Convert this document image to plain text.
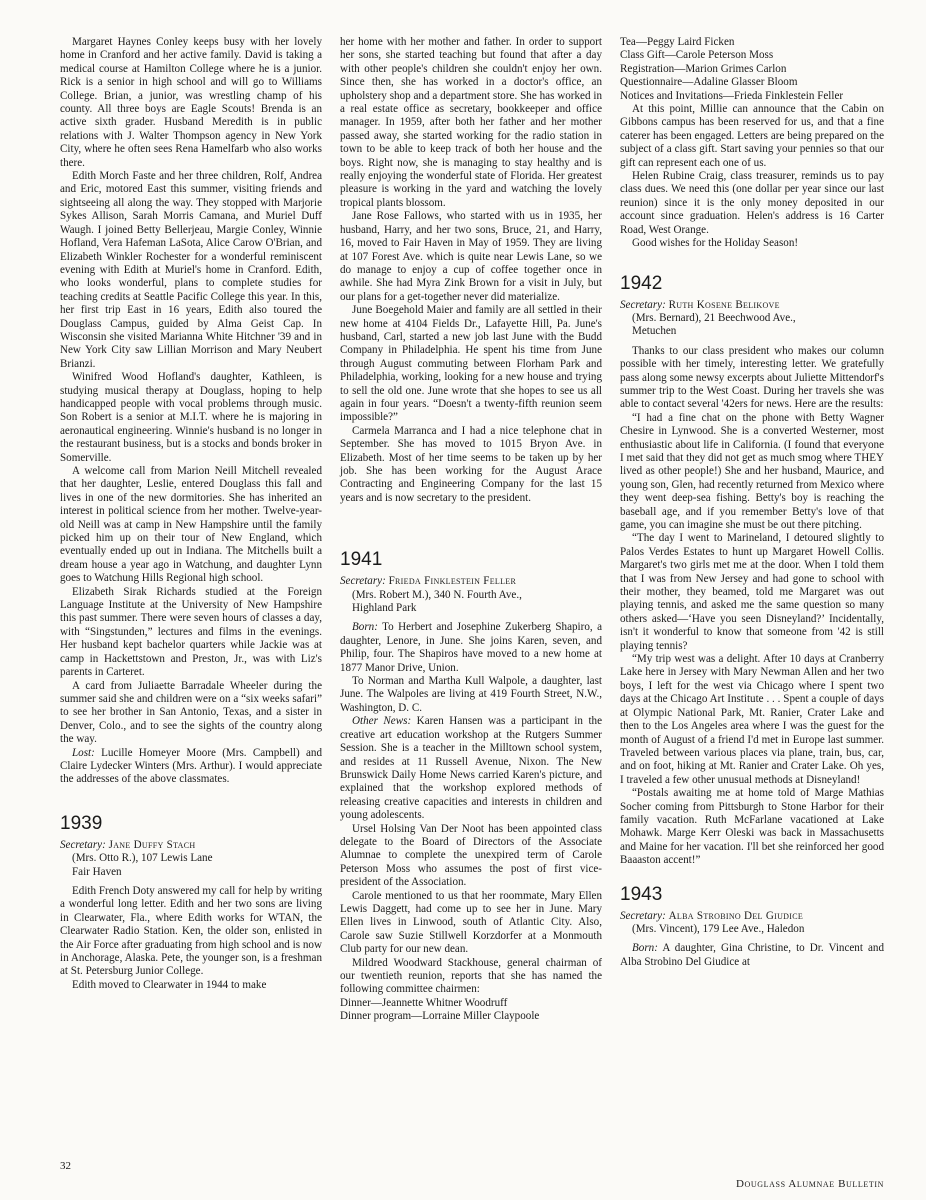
Margaret Haynes Conley keeps busy with her lovely home in Cranford and her active family. David is taking a medical course at Hamilton College where he is a junior. Rick is a senior in high school and will go to Williams College. Brian, a junior, was wrestling champ of his county. All three boys are Eagle Scouts! Brenda is an active sixth grader. Husband Meredith is in public relations with J. Walter Thompson agency in New York City, where he often sees Rena Hamelfarb who also works there.

Edith Morch Faste and her three children, Rolf, Andrea and Eric, motored East this summer, visiting friends and sightseeing all along the way. They stopped with Marjorie Sykes Allison, Sarah Morris Camana, and Muriel Duff Waugh. I joined Betty Bellerjeau, Margie Conley, Winnie Hofland, Vera Hafeman LaSota, Alice Carow O'Brian, and Elizabeth Winkler Rochester for a wonderful reminiscent evening with Edith at Muriel's home in Cranford. Edith, who looks wonderful, plans to complete studies for teaching credits at Seattle Pacific College this year. In this, her first trip East in 16 years, Edith also toured the Douglass Campus, guided by Alma Geist Cap. In Wisconsin she visited Marianna White Hitchner '39 and in New York City saw Lillian Morrison and Mary Neubert Brianzi.

Winifred Wood Hofland's daughter, Kathleen, is studying musical therapy at Douglass, hoping to help handicapped people with vocal problems through music. Son Robert is a senior at M.I.T. where he is majoring in aeronautical engineering. Winnie's husband is no longer in the restaurant business, but is a stocks and bonds broker in Somerville.

A welcome call from Marion Neill Mitchell revealed that her daughter, Leslie, entered Douglass this fall and lives in one of the new dormitories. She has inherited an interest in political science from her mother. Twelve-year-old Neill was at camp in New Hampshire until the family picked him up on their tour of New England, which eventually ended up out in Indiana. The Mitchells built a dream house a year ago in Watchung, and daughter Lynn goes to Watchung Hills Regional high school.

Elizabeth Sirak Richards studied at the Foreign Language Institute at the University of New Hampshire this past summer. There were seven hours of classes a day, with “Singstunden,” lectures and films in the evenings. Her husband kept bachelor quarters while Jackie was at camp in Hackettstown and Preston, Jr., was with Liz's parents in Carteret.

A card from Juliaette Barradale Wheeler during the summer said she and children were on a “six weeks safari” to see her brother in San Antonio, Texas, and a sister in Denver, Colo., and to see the sights of the country along the way.

Lost: Lucille Homeyer Moore (Mrs. Campbell) and Claire Lydecker Winters (Mrs. Arthur). I would appreciate the addresses of the above classmates.

1939
Secretary: Jane Duffy Stach
(Mrs. Otto R.), 107 Lewis Lane
Fair Haven

Edith French Doty answered my call for help by writing a wonderful long letter. Edith and her two sons are living in Clearwater, Fla., where Edith works for WTAN, the Clearwater Radio Station. Ken, the older son, enlisted in the Air Force after graduating from high school and is now in Anchorage, Alaska. Pete, the younger son, is a freshman at St. Petersburg Junior College.

Edith moved to Clearwater in 1944 to make

her home with her mother and father. In order to support her sons, she started teaching but found that after a day with other people's children she couldn't enjoy her own. Since then, she has worked in a doctor's office, an upholstery shop and a department store. She has worked in a real estate office as secretary, bookkeeper and office manager. In 1959, after both her father and her mother passed away, she started working for the radio station in town to be able to keep track of both her house and the boys. Right now, she is managing to stay healthy and is really enjoying the wonderful state of Florida. Her greatest pleasure is working in the yard and watching the lovely tropical plants blossom.

Jane Rose Fallows, who started with us in 1935, her husband, Harry, and her two sons, Bruce, 21, and Harry, 16, moved to Fair Haven in May of 1959. They are living at 107 Forest Ave. which is quite near Lewis Lane, so we do manage to enjoy a cup of coffee together once in awhile. She had Myra Zink Brown for a visit in July, but our plans for a get-together never did materialize.

June Boegehold Maier and family are all settled in their new home at 4104 Fields Dr., Lafayette Hill, Pa. June's husband, Carl, started a new job last June with the Budd Company in Philadelphia. He spent his time from June through August commuting between Florham Park and Philadelphia, working, looking for a new house and trying to sell the old one. June wrote that she hopes to see us all again in four years. “Doesn't a twenty-fifth reunion seem impossible?”

Carmela Marranca and I had a nice telephone chat in September. She has moved to 1015 Bryon Ave. in Elizabeth. Most of her time seems to be taken up by her job. She has been working for the August Arace Contracting and Engineering Company for the last 15 years and is now secretary to the president.

1941
Secretary: Frieda Finklestein Feller
(Mrs. Robert M.), 340 N. Fourth Ave.,
Highland Park

Born: To Herbert and Josephine Zukerberg Shapiro, a daughter, Lenore, in June. She joins Karen, seven, and Philip, four. The Shapiros have moved to a new home at 1877 Manor Drive, Union.

To Norman and Martha Kull Walpole, a daughter, last June. The Walpoles are living at 419 Fourth Street, N.W., Washington, D. C.

Other News: Karen Hansen was a participant in the creative art education workshop at the Rutgers Summer Session. She is a teacher in the Milltown school system, and resides at 11 Russell Avenue, Nixon. The New Brunswick Daily Home News carried Karen's picture, and explained that the workshop explored methods of releasing creative capacities and interests in children and young adolescents.

Ursel Holsing Van Der Noot has been appointed class delegate to the Board of Directors of the Associate Alumnae to complete the unexpired term of Carole Peterson Moss who assumes the post of first vice-president of the Association.

Carole mentioned to us that her roommate, Mary Ellen Lewis Daggett, had come up to see her in June. Mary Ellen lives in Linwood, south of Atlantic City. Also, Carole saw Suzie Stillwell Korzdorfer at a Monmouth Club party for our new dean.

Mildred Woodward Stackhouse, general chairman of our twentieth reunion, reports that she has named the following committee chairmen:

Dinner—Jeannette Whitner Woodruff

Dinner program—Lorraine Miller Claypoole

Tea—Peggy Laird Ficken

Class Gift—Carole Peterson Moss

Registration—Marion Grimes Carlon

Questionnaire—Adaline Glasser Bloom

Notices and Invitations—Frieda Finklestein Feller

At this point, Millie can announce that the Cabin on Gibbons campus has been reserved for us, and that a fine caterer has been engaged. Letters are being prepared on the subject of a class gift. Start saving your pennies so that our gift can represent each one of us.

Helen Rubine Craig, class treasurer, reminds us to pay class dues. We need this (one dollar per year since our last reunion) since it is the only money deposited in our account since graduation. Helen's address is 16 Carter Road, West Orange.

Good wishes for the Holiday Season!

1942
Secretary: Ruth Kosene Belikove
(Mrs. Bernard), 21 Beechwood Ave.,
Metuchen

Thanks to our class president who makes our column possible with her timely, interesting letter. We gratefully pass along some newsy excerpts about Juliette Mittendorf's summer trip to the West Coast. During her travels she was able to contact several '42ers for news. Here are the results:

“I had a fine chat on the phone with Betty Wagner Chesire in Lynwood. She is a converted Westerner, most enthusiastic about life in California. (I found that everyone I met said that they did not get as much smog where THEY lived as other people!) She and her husband, Maurice, and young son, Glen, had recently returned from Mexico where they went deep-sea fishing. Betty's boy is reaching the baseball age, and if you remember Betty's love of that game, you can imagine she must be out there pitching.

“The day I went to Marineland, I detoured slightly to Palos Verdes Estates to hunt up Margaret Howell Collis. Margaret's two girls met me at the door. When I told them that I was from New Jersey and had gone to school with their mother, they beamed, told me Margaret was out playing tennis, and asked me the same question so many others asked—‘Have you seen Disneyland?’ Incidentally, isn't it wonderful to know that someone from '42 is still playing tennis?

“My trip west was a delight. After 10 days at Cranberry Lake here in Jersey with Mary Newman Allen and her two boys, I left for the west via Chicago where I spent two days at the Chicago Art Institute . . . Spent a couple of days at Olympic National Park, Mt. Ranier, Crater Lake and then to the Los Angeles area where I was the guest for the month of August of a friend I'd met in Europe last summer. Traveled between various places via plane, train, bus, car, and on foot, hiking at Mt. Ranier and Crater Lake. Oh yes, I traveled a few other unusual methods at Disneyland!

“Postals awaiting me at home told of Marge Mathias Socher coming from Pittsburgh to Stone Harbor for their family vacation. Ruth McFarlane vacationed at Lake Mohawk. Marge Kerr Oleski was back in Massachusetts and Maine for her vacation. I'll bet she reinforced her good Baaaston accent!”

1943
Secretary: Alba Strobino Del Giudice
(Mrs. Vincent), 179 Lee Ave., Haledon

Born: A daughter, Gina Christine, to Dr. Vincent and Alba Strobino Del Giudice at

32
Douglass Alumnae Bulletin
